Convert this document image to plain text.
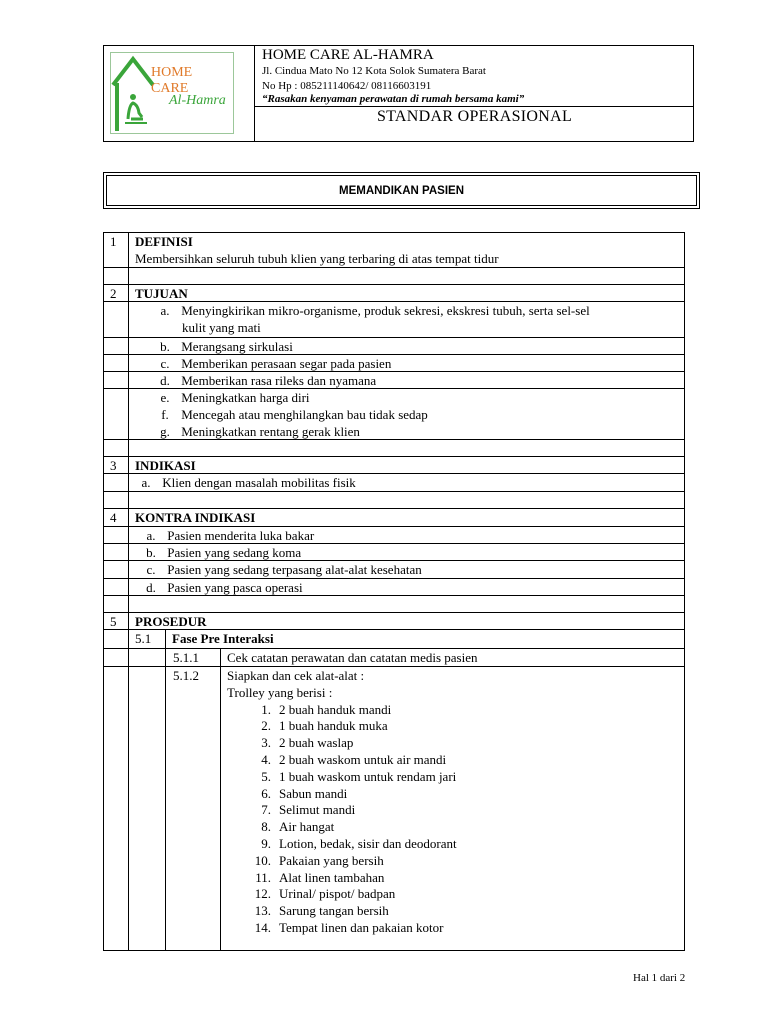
HOME CARE
Al-Hamra
HOME CARE AL-HAMRA
Jl. Cindua Mato No 12 Kota Solok Sumatera Barat
No Hp : 085211140642/ 08116603191
“Rasakan kenyaman perawatan di rumah bersama kami”
STANDAR OPERASIONAL
MEMANDIKAN PASIEN
1	DEFINISI
Membersihkan seluruh tubuh klien yang terbaring di atas tempat tidur
2	TUJUAN
a. Menyingkirikan mikro-organisme, produk sekresi, ekskresi tubuh, serta sel-sel
kulit yang mati
b. Merangsang sirkulasi
c. Memberikan perasaan segar pada pasien
d. Memberikan rasa rileks dan nyamana
e. Meningkatkan harga diri
f. Mencegah atau menghilangkan bau tidak sedap
g. Meningkatkan rentang gerak klien
3	INDIKASI
a. Klien dengan masalah mobilitas fisik
4	KONTRA INDIKASI
a. Pasien menderita luka bakar
b. Pasien yang sedang koma
c. Pasien yang sedang terpasang alat-alat kesehatan
d. Pasien yang pasca operasi
5	PROSEDUR
5.1	Fase Pre Interaksi
5.1.1	Cek catatan perawatan dan catatan medis pasien
5.1.2	Siapkan dan cek alat-alat :
Trolley yang berisi :
1. 2 buah handuk mandi
2. 1 buah handuk muka
3. 2 buah waslap
4. 2 buah waskom untuk air mandi
5. 1 buah waskom untuk rendam jari
6. Sabun mandi
7. Selimut mandi
8. Air hangat
9. Lotion, bedak, sisir dan deodorant
10. Pakaian yang bersih
11. Alat linen tambahan
12. Urinal/ pispot/ badpan
13. Sarung tangan bersih
14. Tempat linen dan pakaian kotor
Hal 1 dari 2
